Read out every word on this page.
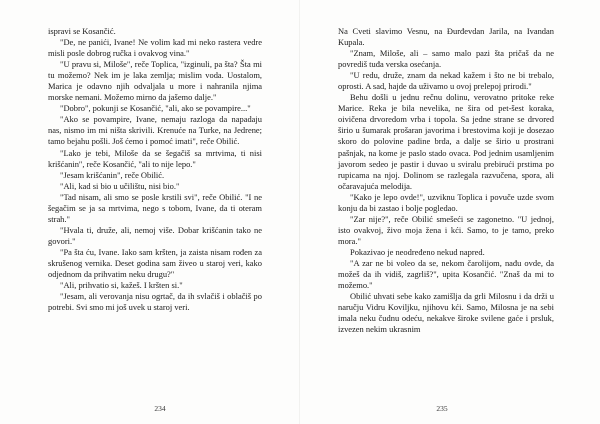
ispravi se Kosančić.

"De, ne panići, Ivane! Ne volim kad mi neko rastera vedre misli posle dobrog ručka i ovakvog vina."

"U pravu si, Miloše", reče Toplica, "izginuli, pa šta? Šta mi tu možemo? Nek im je laka zemlja; mislim voda. Uostalom, Marica je odavno njih odvaljala u more i nahranila njima morske nemani. Možemo mirno da jašemo dalje."

"Dobro", pokunji se Kosančić, "ali, ako se povampire..."

"Ako se povampire, Ivane, nemaju razloga da napadaju nas, nismo im mi ništa skrivili. Krenuće na Turke, na Jedrene; tamo bejahu pošli. Još ćemo i pomoć imati", reče Obilić.

"Lako je tebi, Miloše da se šegačiš sa mrtvima, ti nisi krišćanin", reče Kosančić, "ali to nije lepo."

"Jesam krišćanin", reče Obilić.

"Ali, kad si bio u učilištu, nisi bio."

"Tad nisam, ali smo se posle krstili svi", reče Obilić. "I ne šegačim se ja sa mrtvima, nego s tobom, Ivane, da ti oteram strah."

"Hvala ti, druže, ali, nemoj više. Dobar krišćanin tako ne govori."

"Pa šta ću, Ivane. Iako sam kršten, ja zaista nisam rođen za skrušenog vernika. Deset godina sam živeo u staroj veri, kako odjednom da prihvatim neku drugu?"

"Ali, prihvatio si, kažeš. I kršten si."

"Jesam, ali verovanja nisu ogrtač, da ih svlačiš i oblačiš po potrebi. Svi smo mi još uvek u staroj veri.

234

Na Cveti slavimo Vesnu, na Đurđevdan Jarila, na Ivandan Kupala.

"Znam, Miloše, ali – samo malo pazi šta pričaš da ne povrediš tuđa verska osećanja.

"U redu, druže, znam da nekad kažem i što ne bi trebalo, oprosti. A sad, hajde da uživamo u ovoj prelepoj prirodi."

Behu došli u jednu rečnu dolinu, verovatno pritoke reke Marice. Reka je bila nevelika, ne šira od pet-šest koraka, oivičena drvoredom vrba i topola. Sa jedne strane se drvored širio u šumarak prošaran javorima i brestovima koji je dosezao skoro do polovine padine brda, a dalje se širio u prostrani pašnjak, na kome je paslo stado ovaca. Pod jednim usamljenim javorom sedeo je pastir i duvao u sviralu prebirući prstima po rupicama na njoj. Dolinom se razlegala razvučena, spora, ali očaravajuća melodija.

"Kako je lepo ovde!", uzviknu Toplica i povuče uzde svom konju da bi zastao i bolje pogledao.

"Zar nije?", reče Obilić smešeći se zagonetno. "U jednoj, isto ovakvoj, živo moja žena i kći. Samo, to je tamo, preko mora."

Pokazivao je neodređeno nekud napred.

"A zar ne bi voleo da se, nekom čarolijom, nađu ovde, da možeš da ih vidiš, zagrliš?", upita Kosančić. "Znaš da mi to možemo."

Obilić uhvati sebe kako zamišlja da grli Milosnu i da drži u naručju Vidru Kovilјku, njihovu kći. Samo, Milosna je na sebi imala neku čudnu odeću, nekakve široke svilene gaće i prsluk, izvezen nekim ukrasnim

235
